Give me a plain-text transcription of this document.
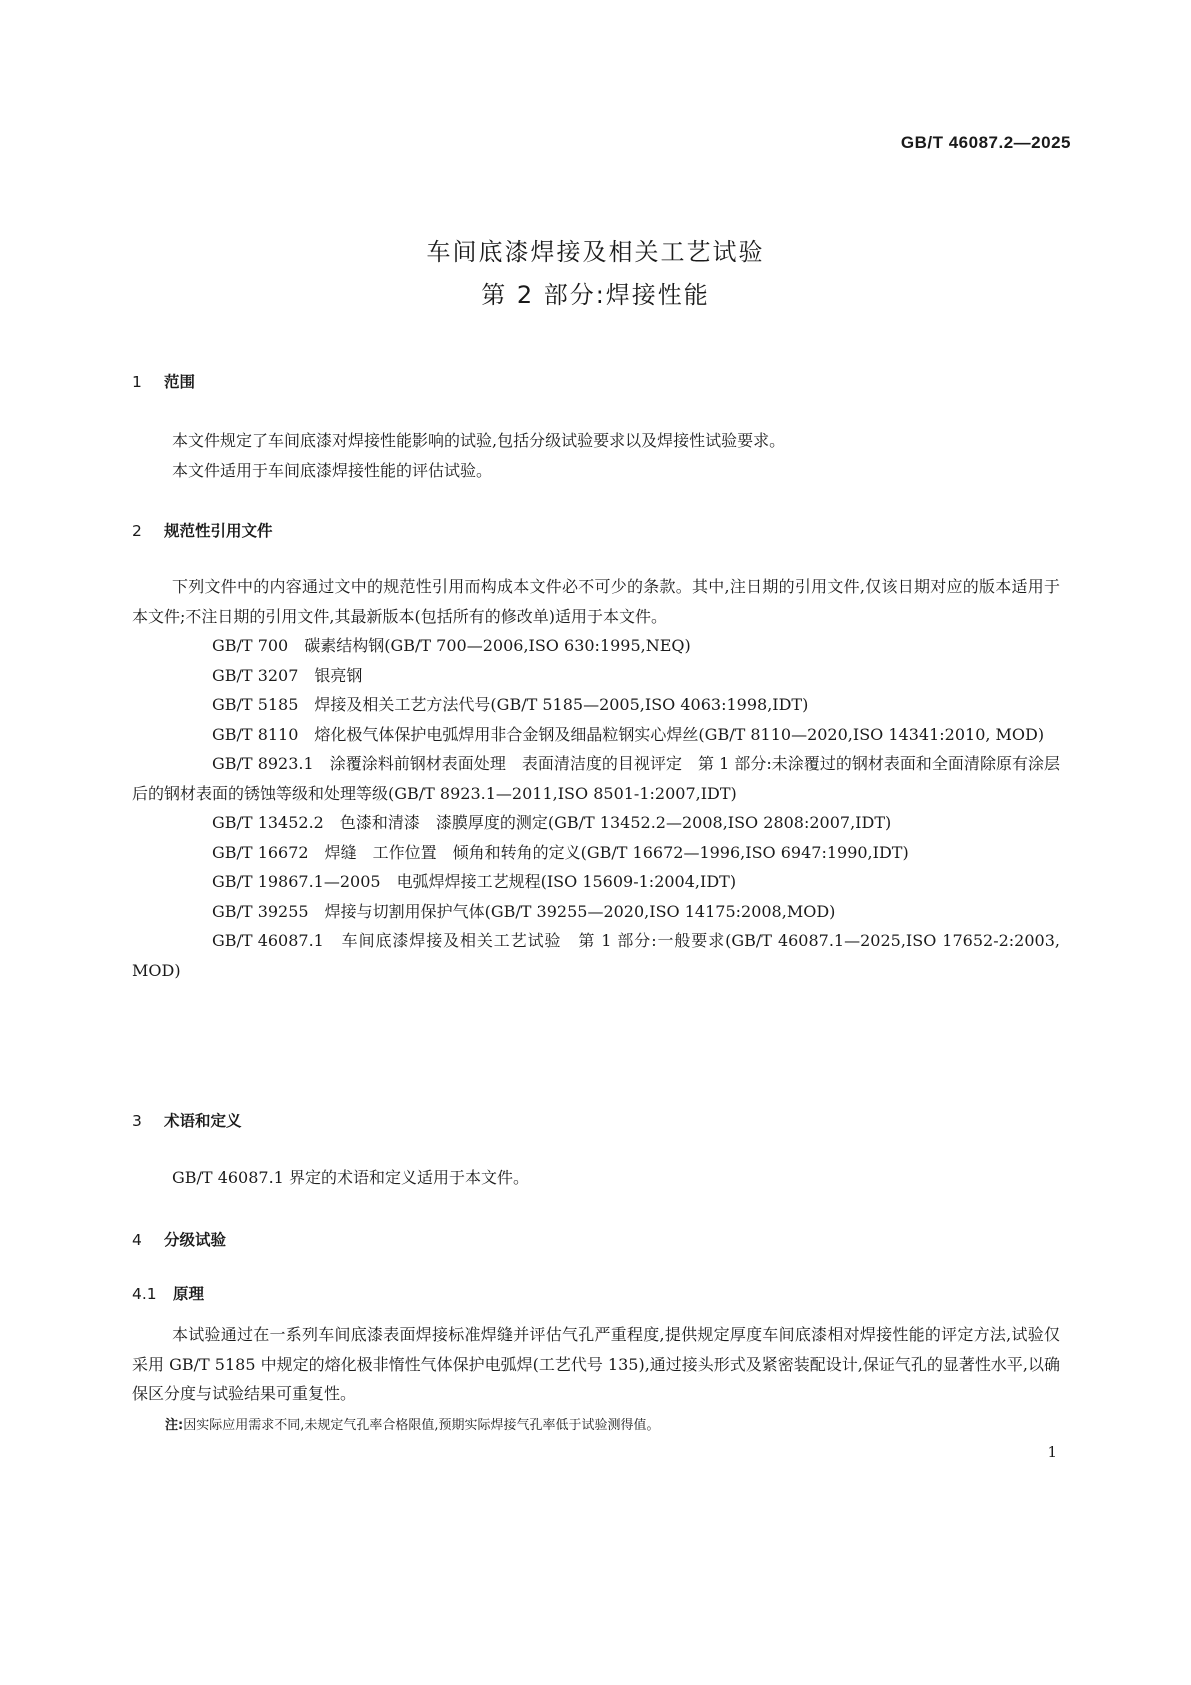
GB/T 46087.2—2025
车间底漆焊接及相关工艺试验
第 2 部分:焊接性能
1 范围
本文件规定了车间底漆对焊接性能影响的试验,包括分级试验要求以及焊接性试验要求。
本文件适用于车间底漆焊接性能的评估试验。
2 规范性引用文件
下列文件中的内容通过文中的规范性引用而构成本文件必不可少的条款。其中,注日期的引用文件,仅该日期对应的版本适用于本文件;不注日期的引用文件,其最新版本(包括所有的修改单)适用于本文件。
GB/T 700　 碳素结构钢(GB/T 700—2006,ISO 630:1995,NEQ)
GB/T 3207　 银亮钢
GB/T 5185　 焊接及相关工艺方法代号(GB/T 5185—2005,ISO 4063:1998,IDT)
GB/T 8110　 熔化极气体保护电弧焊用非合金钢及细晶粒钢实心焊丝(GB/T 8110—2020,ISO 14341:2010, MOD)
GB/T 8923.1　 涂覆涂料前钢材表面处理　表面清洁度的目视评定　第 1 部分:未涂覆过的钢材表面和全面清除原有涂层后的钢材表面的锈蚀等级和处理等级(GB/T 8923.1—2011,ISO 8501-1:2007,IDT)
GB/T 13452.2　 色漆和清漆　漆膜厚度的测定(GB/T 13452.2—2008,ISO 2808:2007,IDT)
GB/T 16672　 焊缝　工作位置　倾角和转角的定义(GB/T 16672—1996,ISO 6947:1990,IDT)
GB/T 19867.1—2005　 电弧焊焊接工艺规程(ISO 15609-1:2004,IDT)
GB/T 39255　 焊接与切割用保护气体(GB/T 39255—2020,ISO 14175:2008,MOD)
GB/T 46087.1　 车间底漆焊接及相关工艺试验　第 1 部分:一般要求(GB/T 46087.1—2025,ISO 17652-2:2003, MOD)
3 术语和定义
GB/T 46087.1 界定的术语和定义适用于本文件。
4 分级试验
4.1 原理
本试验通过在一系列车间底漆表面焊接标准焊缝并评估气孔严重程度,提供规定厚度车间底漆相对焊接性能的评定方法,试验仅采用 GB/T 5185 中规定的熔化极非惰性气体保护电弧焊(工艺代号 135),通过接头形式及紧密装配设计,保证气孔的显著性水平,以确保区分度与试验结果可重复性。
注:因实际应用需求不同,未规定气孔率合格限值,预期实际焊接气孔率低于试验测得值。
1
